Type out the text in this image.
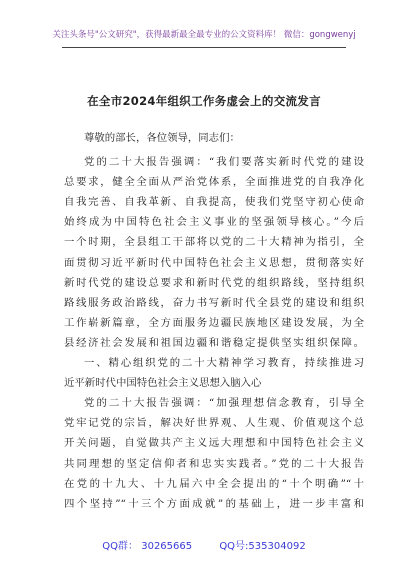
关注头条号"公文研究"，获得最新最全最专业的公文资料库！ 微信：gongwenyj
在全市2024年组织工作务虚会上的交流发言

尊敬的部长，各位领导，同志们：

党的二十大报告强调：“我们要落实新时代党的建设
总要求，健全全面从严治党体系，全面推进党的自我净化
自我完善、自我革新、自我提高，使我们党坚守初心使命
始终成为中国特色社会主义事业的坚强领导核心。”今后
一个时期，全县组工干部将以党的二十大精神为指引，全
面贯彻习近平新时代中国特色社会主义思想，贯彻落实好
新时代党的建设总要求和新时代党的组织路线，坚持组织
路线服务政治路线，奋力书写新时代全县党的建设和组织
工作崭新篇章，全方面服务边疆民族地区建设发展，为全
县经济社会发展和祖国边疆和谐稳定提供坚实组织保障。
一、精心组织党的二十大精神学习教育，持续推进习
近平新时代中国特色社会主义思想入脑入心
党的二十大报告强调：“加强理想信念教育，引导全
党牢记党的宗旨，解决好世界观、人生观、价值观这个总
开关问题，自觉做共产主义远大理想和中国特色社会主义
共同理想的坚定信仰者和忠实实践者。”党的二十大报告
在党的十九大、十九届六中全会提出的“十个明确”“十
四个坚持”“十三个方面成就”的基础上，进一步丰富和
QQ群： 30265665	QQ号:535304092
